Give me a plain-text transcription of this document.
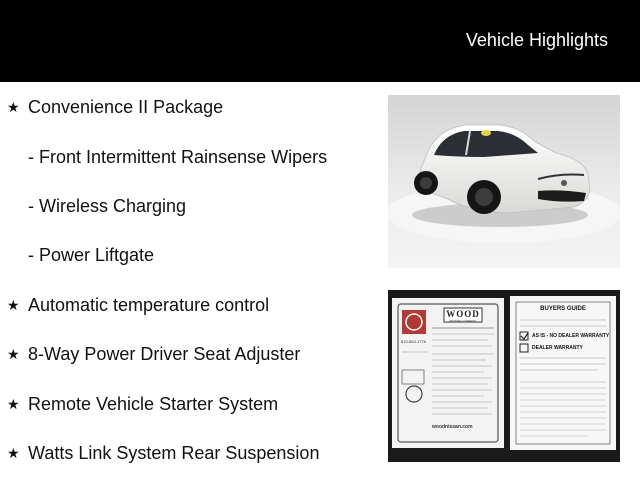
Vehicle Highlights
★ Convenience II Package
- Front Intermittent Rainsense Wipers
- Wireless Charging
- Power Liftgate
★ Automatic temperature control
★ 8-Way Power Driver Seat Adjuster
★ Remote Vehicle Starter System
★ Watts Link System Rear Suspension
WOOD
MOTOR COMPANY
870-863-1776
woodnissan.com
BUYERS GUIDE
AS IS - NO DEALER WARRANTY
DEALER WARRANTY
